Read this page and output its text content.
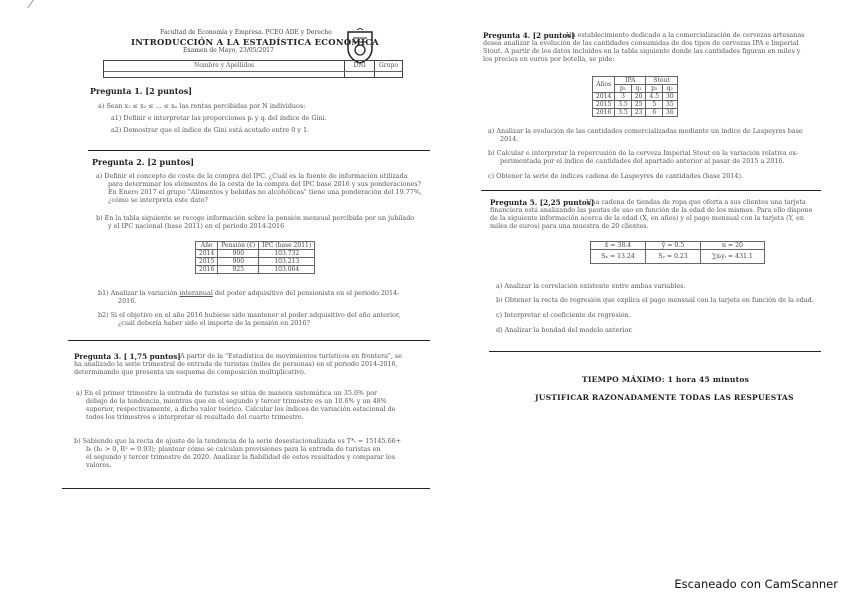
Facultad de Economía y Empresa. PCEO ADE y Derecho
INTRODUCCIÓN A LA ESTADÍSTICA ECONÓMICA
Examen de Mayo, 23/05/2017
Nombre y Apellidos	DNI	Grupo
Pregunta 1. [2 puntos]
a) Sean x₁ ≤ x₂ ≤ ... ≤ xₙ las rentas percibidas por N individuos:
a1) Definir e interpretar las proporciones pᵢ y qᵢ del índice de Gini.
a2) Demostrar que el índice de Gini está acotado entre 0 y 1.
Pregunta 2. [2 puntos]
a) Definir el concepto de coste de la compra del IPC. ¿Cuál es la fuente de información utilizada
para determinar los elementos de la cesta de la compra del IPC base 2016 y sus ponderaciones?
En Enero 2017 el grupo "Alimentos y bebidas no alcohólicas" tiene una ponderación del 19.77%,
¿cómo se interpreta este dato?
b) En la tabla siguiente se recoge información sobre la pensión mensual percibida por un jubilado
y el IPC nacional (base 2011) en el periodo 2014-2016
Año	Pensión (€)	IPC (base 2011)
2014	900	103.732
2015	900	103.213
2016	925	103.064
b1) Analizar la variación interanual del poder adquisitivo del pensionista en el periodo 2014-
2016.
b2) Si el objetivo en el año 2016 hubiese sido mantener el poder adquisitivo del año anterior,
¿cuál debería haber sido el importe de la pensión en 2016?
Pregunta 3. [ 1,75 puntos] A partir de la "Estadística de movimientos turísticos en frontera", se
ha analizado la serie trimestral de entrada de turistas (miles de personas) en el periodo 2014-2016,
determinando que presenta un esquema de composición multiplicativo.
a) En el primer trimestre la entrada de turistas se sitúa de manera sistemática un 35.6% por
debajo de la tendencia, mientras que en el segundo y tercer trimestre es un 10.6% y un 48%
superior, respectivamente, a dicho valor teórico. Calcular los índices de variación estacional de
todos los trimestres e interpretar el resultado del cuarto trimestre.
b) Sabiendo que la recta de ajuste de la tendencia de la serie desestacionalizada es T*ₜ = 15145.66+
bₜ (b₁ > 0, R² = 0.93); plantear cómo se calculan previsiones para la entrada de turistas en
el segundo y tercer trimestre de 2020. Analizar la fiabilidad de estos resultados y comparar los
valores.
Pregunta 4. [2 puntos]
Un establecimiento dedicado a la comercialización de cervezas artesanas
desea analizar la evolución de las cantidades consumidas de dos tipos de cervezas IPA e Imperial
Stout. A partir de los datos incluidos en la tabla siguiente donde las cantidades figuran en miles y
los precios en euros por botella, se pide:
Años	IPA		Stout	
	p₁	q₁	p₂	q₂
2014	3	20	4.5	30
2015	3.5	25	5	35
2016	3.5	23	6	36
a) Analizar la evolución de las cantidades comercializadas mediante un índice de Laspeyres base
2014.
b) Calcular e interpretar la repercusión de la cerveza Imperial Stout en la variación relativa ex-
perimentada por el índice de cantidades del apartado anterior al pasar de 2015 a 2016.
c) Obtener la serie de índices cadena de Laspeyres de cantidades (base 2014).
Pregunta 5. [2,25 puntos]
Una cadena de tiendas de ropa que oferta a sus clientes una tarjeta
financiera está analizando las pautas de uso en función de la edad de los mismos. Para ello dispone
de la siguiente información acerca de la edad (X, en años) y el pago mensual con la tarjeta (Y, en
miles de euros) para una muestra de 20 clientes.
x̄ = 38.4	ȳ = 0.5	n = 20
Sₓ = 13.24	Sᵧ = 0.23	∑xᵢyᵢ = 431.1
a) Analizar la correlación existente entre ambas variables.
b) Obtener la recta de regresión que explica el pago mensual con la tarjeta en función de la edad.
c) Interpretar el coeficiente de regresión.
d) Analizar la bondad del modelo anterior.
TIEMPO MÁXIMO: 1 hora 45 minutos
JUSTIFICAR RAZONADAMENTE TODAS LAS RESPUESTAS
Escaneado con CamScanner
